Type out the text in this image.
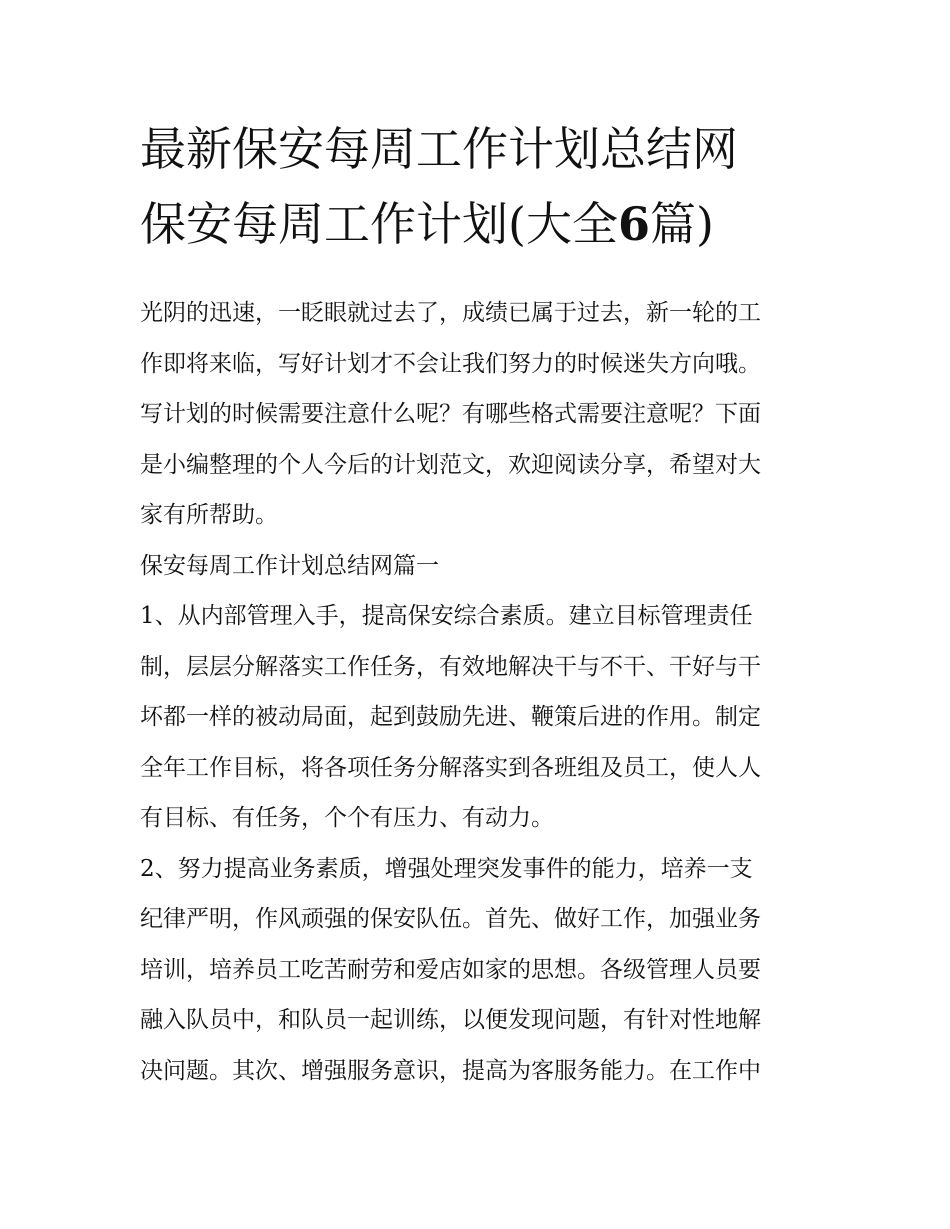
最新保安每周工作计划总结网
保安每周工作计划(大全6篇)

光阴的迅速，一眨眼就过去了，成绩已属于过去，新一轮的工
作即将来临，写好计划才不会让我们努力的时候迷失方向哦。
写计划的时候需要注意什么呢？有哪些格式需要注意呢？下面
是小编整理的个人今后的计划范文，欢迎阅读分享，希望对大
家有所帮助。

保安每周工作计划总结网篇一

1、从内部管理入手，提高保安综合素质。建立目标管理责任
制，层层分解落实工作任务，有效地解决干与不干、干好与干
坏都一样的被动局面，起到鼓励先进、鞭策后进的作用。制定
全年工作目标，将各项任务分解落实到各班组及员工，使人人
有目标、有任务，个个有压力、有动力。

2、努力提高业务素质，增强处理突发事件的能力，培养一支
纪律严明，作风顽强的保安队伍。首先、做好工作，加强业务
培训，培养员工吃苦耐劳和爱店如家的思想。各级管理人员要
融入队员中，和队员一起训练，以便发现问题，有针对性地解
决问题。其次、增强服务意识，提高为客服务能力。在工作中
